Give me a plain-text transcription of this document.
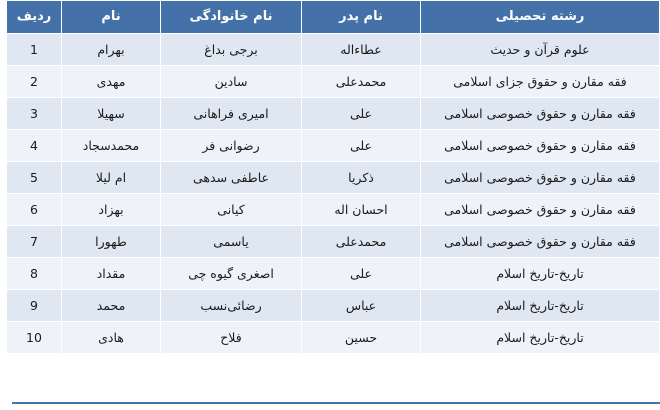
رشته تحصیلی	نام پدر	نام خانوادگی	نام	ردیف
علوم قرآن و حدیث	عطاءاله	برجی بداغ	بهرام	1
فقه مقارن و حقوق جزای اسلامی	محمدعلی	سادین	مهدی	2
فقه مقارن و حقوق خصوصی اسلامی	علی	امیری فراهانی	سهیلا	3
فقه مقارن و حقوق خصوصی اسلامی	علی	رضوانی فر	محمدسجاد	4
فقه مقارن و حقوق خصوصی اسلامی	ذکریا	عاطفی سدهی	ام لیلا	5
فقه مقارن و حقوق خصوصی اسلامی	احسان اله	کیانی	بهزاد	6
فقه مقارن و حقوق خصوصی اسلامی	محمدعلی	یاسمی	طهورا	7
تاریخ-تاریخ اسلام	علی	اصغری گیوه چی	مقداد	8
تاریخ-تاریخ اسلام	عباس	رضائی‌نسب	محمد	9
تاریخ-تاریخ اسلام	حسین	فلاح	هادی	10
